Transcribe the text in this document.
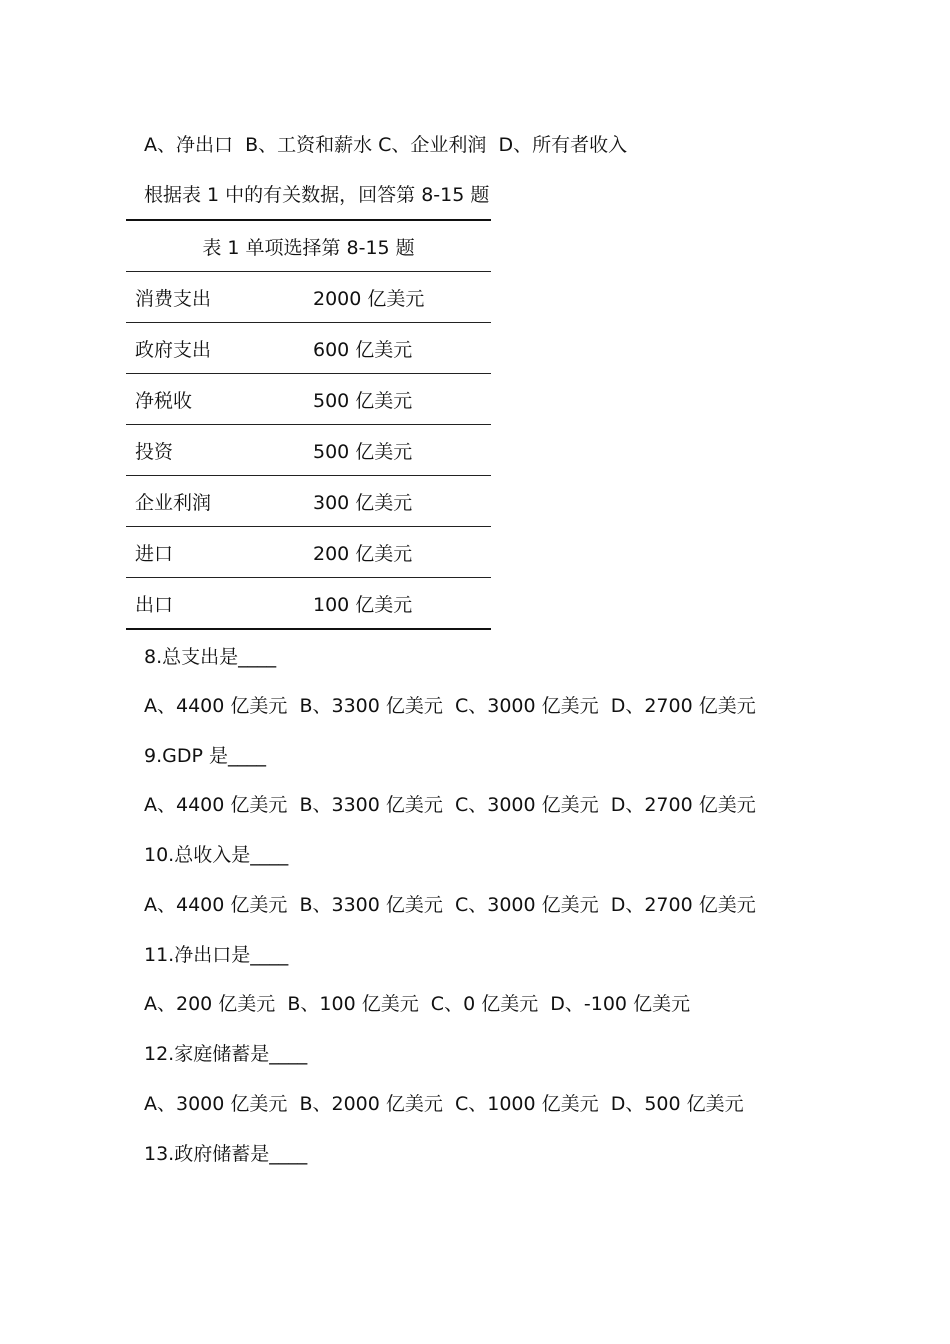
A、净出口  B、工资和薪水 C、企业利润  D、所有者收入
根据表 1 中的有关数据，回答第 8-15 题
表 1 单项选择第 8-15 题	
消费支出	2000 亿美元
政府支出	600 亿美元
净税收	500 亿美元
投资	500 亿美元
企业利润	300 亿美元
进口	200 亿美元
出口	100 亿美元
8.总支出是____
A、4400 亿美元  B、3300 亿美元  C、3000 亿美元  D、2700 亿美元
9.GDP 是____
A、4400 亿美元  B、3300 亿美元  C、3000 亿美元  D、2700 亿美元
10.总收入是____
A、4400 亿美元  B、3300 亿美元  C、3000 亿美元  D、2700 亿美元
11.净出口是____
A、200 亿美元  B、100 亿美元  C、0 亿美元  D、-100 亿美元
12.家庭储蓄是____
A、3000 亿美元  B、2000 亿美元  C、1000 亿美元  D、500 亿美元
13.政府储蓄是____
